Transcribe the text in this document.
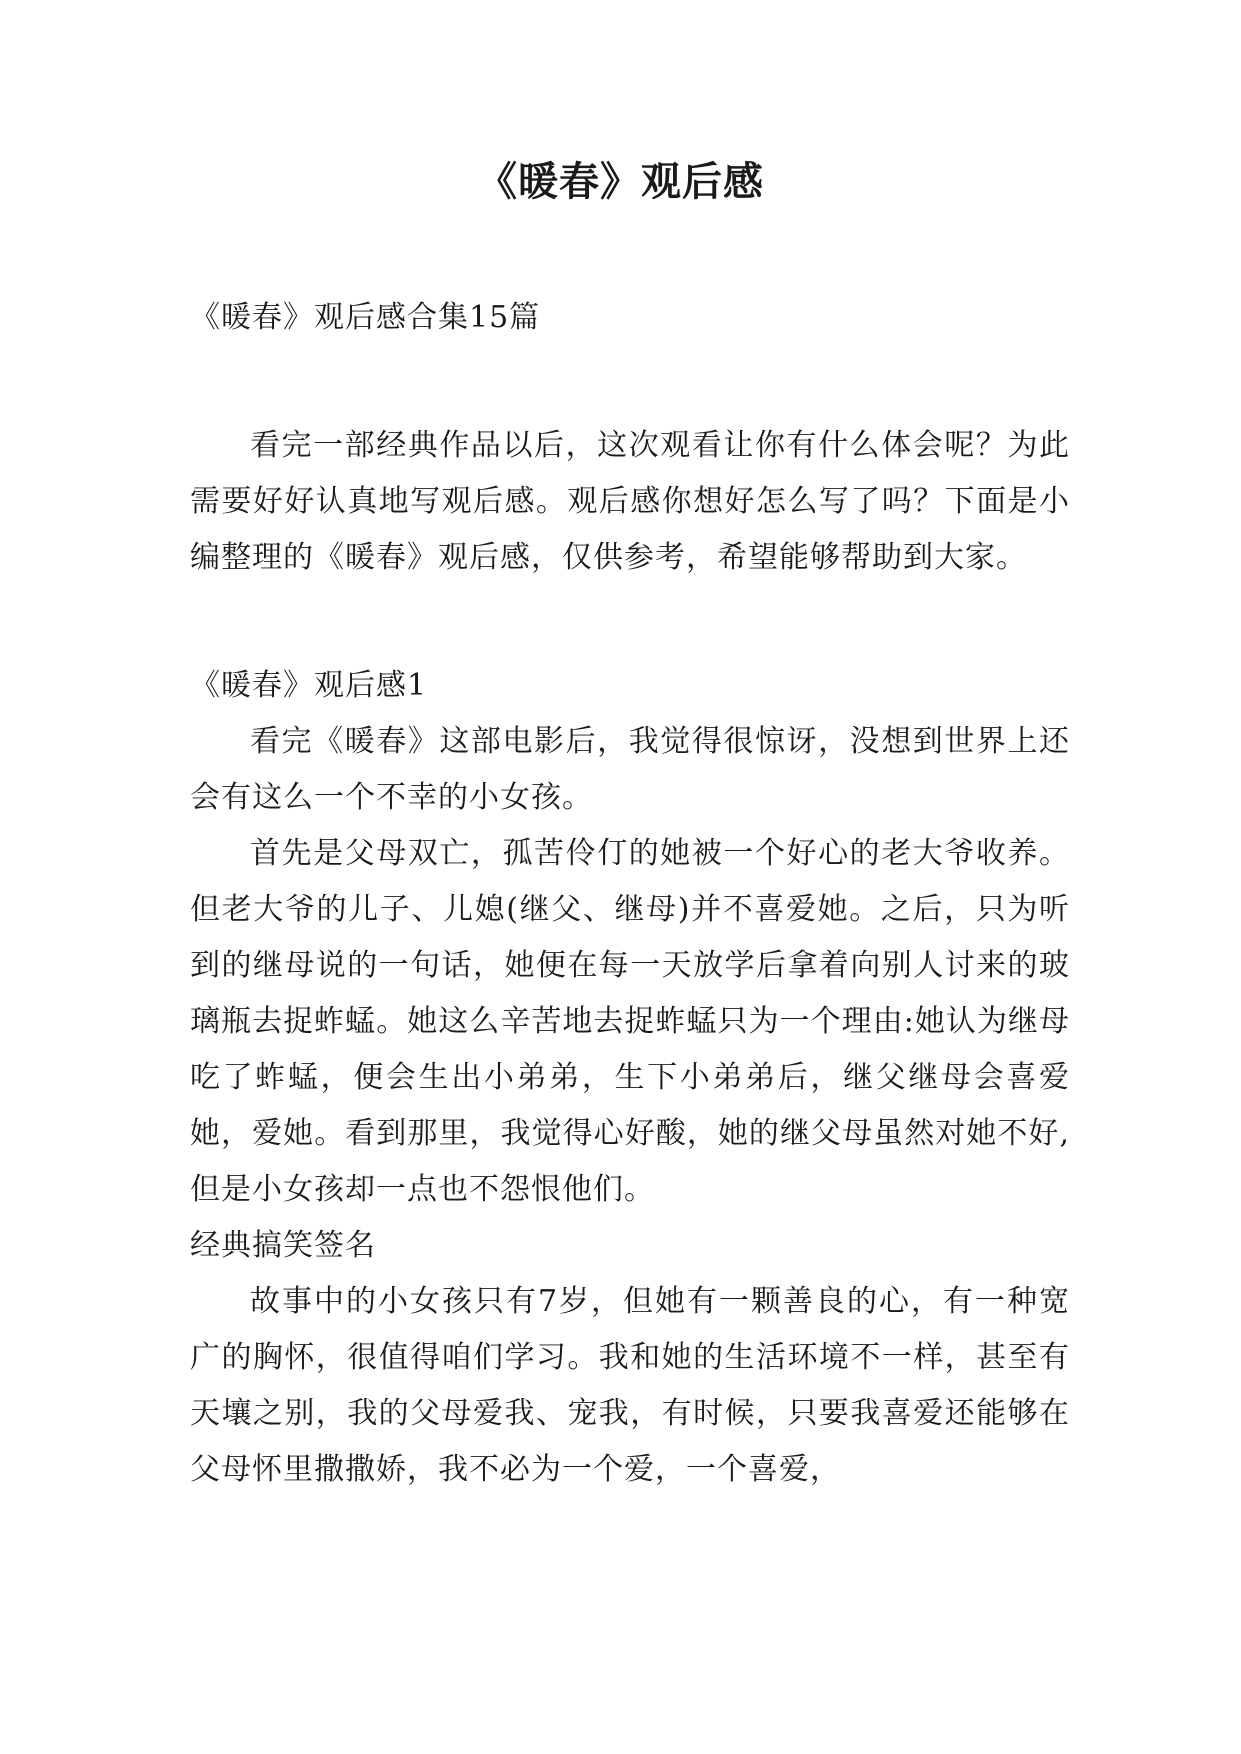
《暖春》观后感

《暖春》观后感合集15篇

看完一部经典作品以后，这次观看让你有什么体会呢？为此需要好好认真地写观后感。观后感你想好怎么写了吗？下面是小编整理的《暖春》观后感，仅供参考，希望能够帮助到大家。

《暖春》观后感1

看完《暖春》这部电影后，我觉得很惊讶，没想到世界上还会有这么一个不幸的小女孩。

首先是父母双亡，孤苦伶仃的她被一个好心的老大爷收养。但老大爷的儿子、儿媳(继父、继母)并不喜爱她。之后，只为听到的继母说的一句话，她便在每一天放学后拿着向别人讨来的玻璃瓶去捉蚱蜢。她这么辛苦地去捉蚱蜢只为一个理由:她认为继母吃了蚱蜢，便会生出小弟弟，生下小弟弟后，继父继母会喜爱她，爱她。看到那里，我觉得心好酸，她的继父母虽然对她不好,但是小女孩却一点也不怨恨他们。

经典搞笑签名

故事中的小女孩只有7岁，但她有一颗善良的心，有一种宽广的胸怀，很值得咱们学习。我和她的生活环境不一样，甚至有天壤之别，我的父母爱我、宠我，有时候，只要我喜爱还能够在父母怀里撒撒娇，我不必为一个爱，一个喜爱，
